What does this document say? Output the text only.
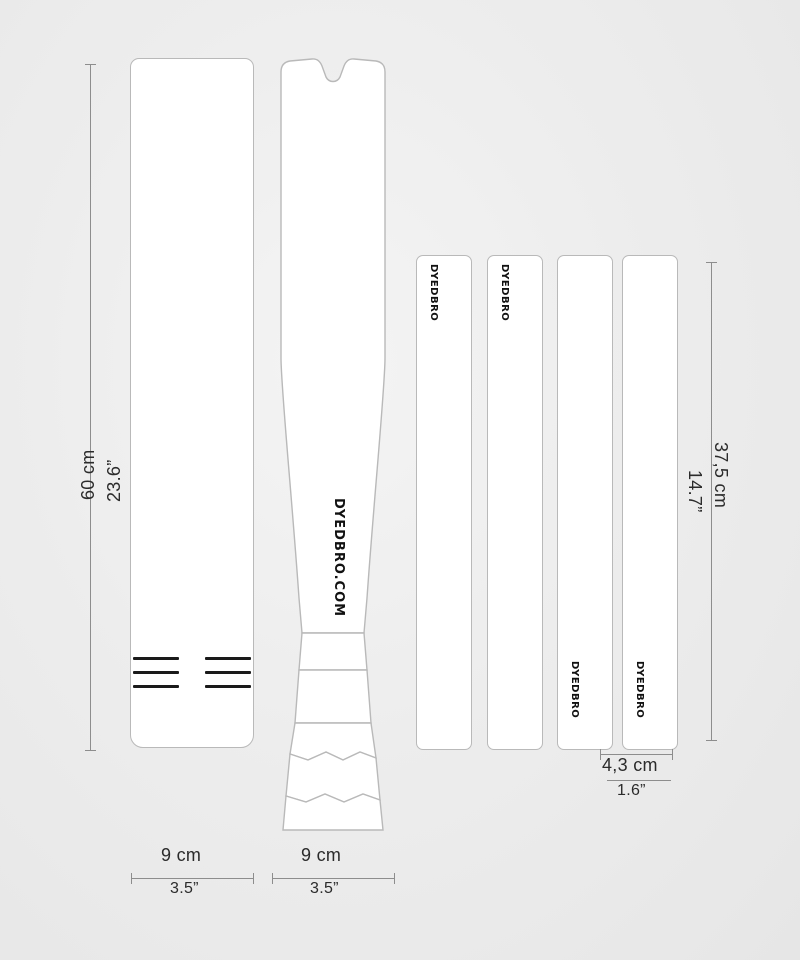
60 cm 23.6”
DYEDBRO.COM
DYEDBRO	DYEDBRO
DYEDBRO	DYEDBRO
37,5 cm
14.7”
4,3 cm
1.6”
9 cm
3.5”
9 cm
3.5”
